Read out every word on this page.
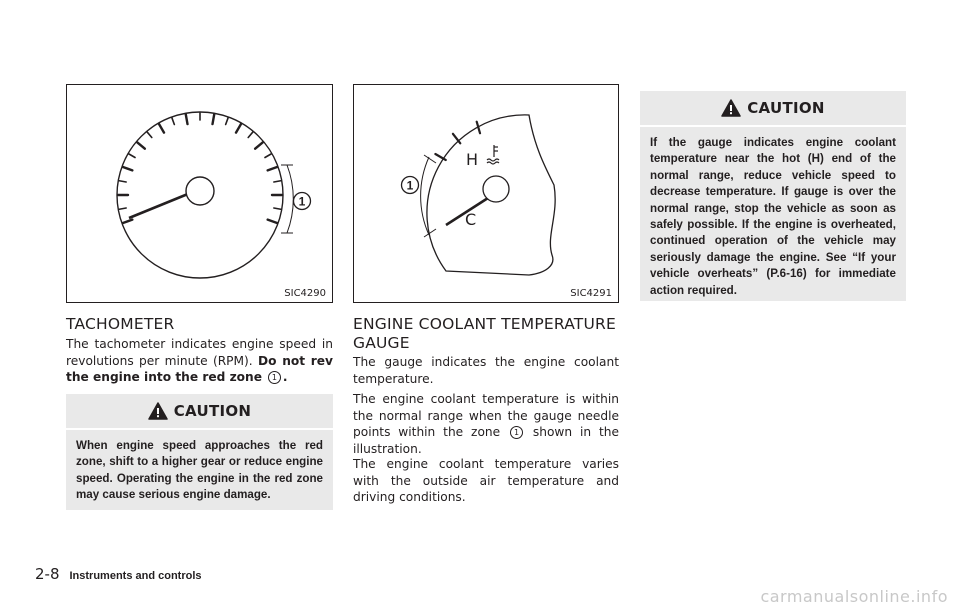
1
SIC4290
H
C
1
SIC4291
TACHOMETER

The tachometer indicates engine speed in revolutions per minute (RPM). Do not rev the engine into the red zone 1 .

CAUTION
When engine speed approaches the red zone, shift to a higher gear or reduce engine speed. Operating the engine in the red zone may cause serious engine damage.
ENGINE COOLANT TEMPERATURE
GAUGE

The gauge indicates the engine coolant temperature.

The engine coolant temperature is within the normal range when the gauge needle points within the zone 1 shown in the illustration.

The engine coolant temperature varies with the outside air temperature and driving conditions.

CAUTION
If the gauge indicates engine coolant temperature near the hot (H) end of the normal range, reduce vehicle speed to decrease temperature. If gauge is over the normal range, stop the vehicle as soon as safely possible. If the engine is overheated, continued operation of the vehicle may seriously damage the engine. See “If your vehicle overheats” (P.6-16) for immediate action required.
2-8 Instruments and controls
carmanualsonline.info
